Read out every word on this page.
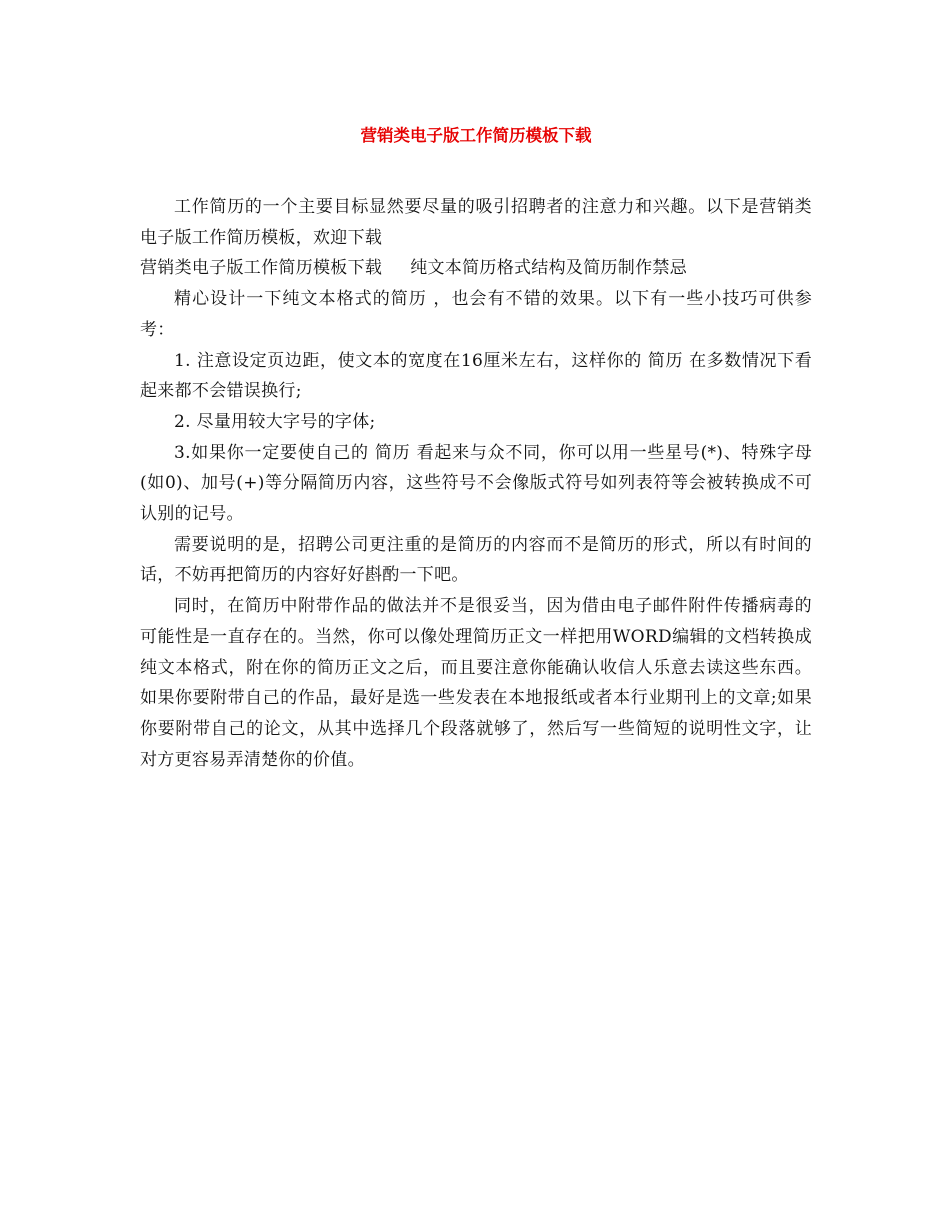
营销类电子版工作简历模板下载

工作简历的一个主要目标显然要尽量的吸引招聘者的注意力和兴趣。以下是营销类电子版工作简历模板，欢迎下载

营销类电子版工作简历模板下载 纯文本简历格式结构及简历制作禁忌

精心设计一下纯文本格式的简历 ，也会有不错的效果。以下有一些小技巧可供参考：

1. 注意设定页边距，使文本的宽度在16厘米左右，这样你的 简历 在多数情况下看起来都不会错误换行;

2. 尽量用较大字号的字体;

3.如果你一定要使自己的 简历 看起来与众不同，你可以用一些星号(*)、特殊字母(如0)、加号(+)等分隔简历内容，这些符号不会像版式符号如列表符等会被转换成不可认别的记号。

需要说明的是，招聘公司更注重的是简历的内容而不是简历的形式，所以有时间的话，不妨再把简历的内容好好斟酌一下吧。

同时，在简历中附带作品的做法并不是很妥当，因为借由电子邮件附件传播病毒的可能性是一直存在的。当然，你可以像处理简历正文一样把用WORD编辑的文档转换成纯文本格式，附在你的简历正文之后，而且要注意你能确认收信人乐意去读这些东西。如果你要附带自己的作品，最好是选一些发表在本地报纸或者本行业期刊上的文章;如果你要附带自己的论文，从其中选择几个段落就够了，然后写一些简短的说明性文字，让对方更容易弄清楚你的价值。
